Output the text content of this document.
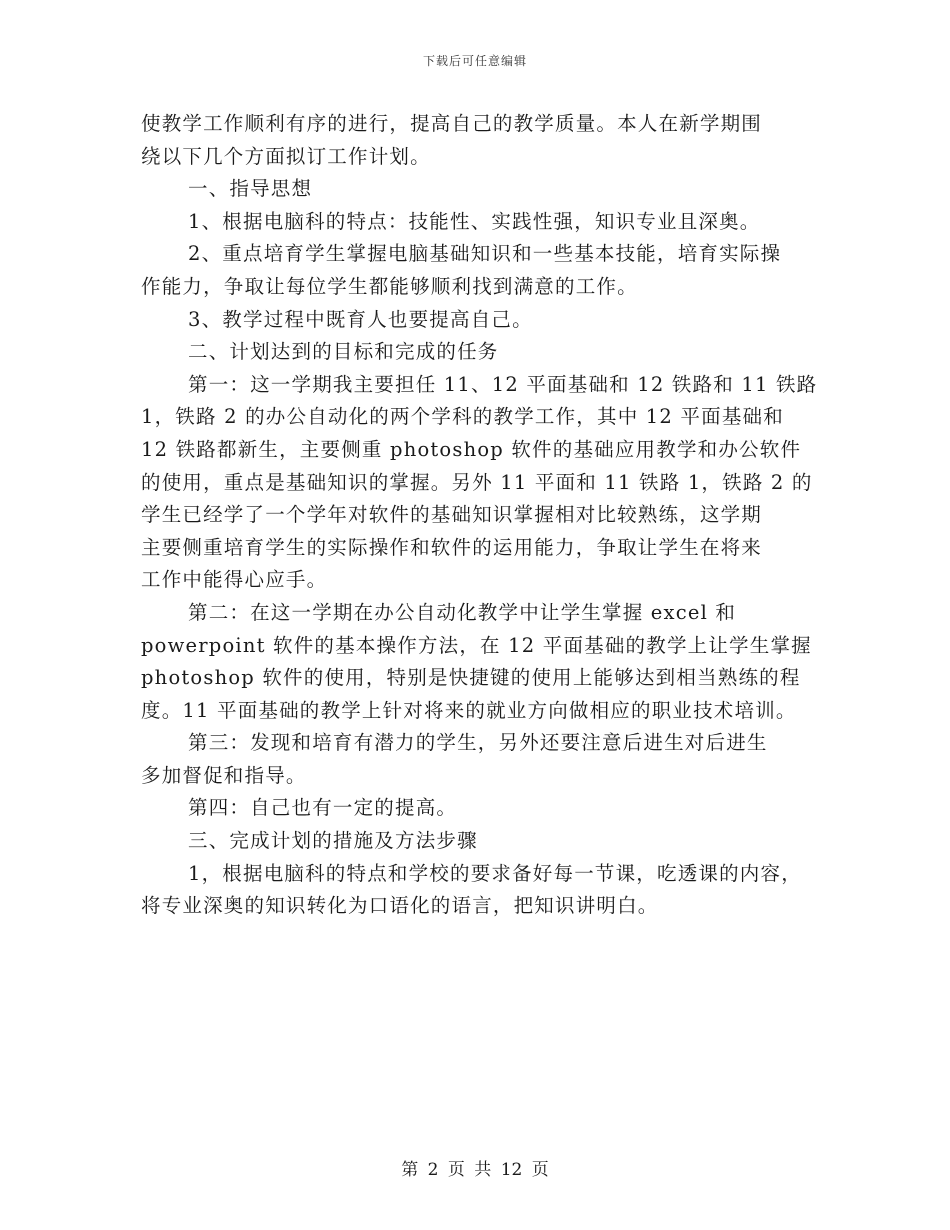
下载后可任意编辑
使教学工作顺利有序的进行，提高自己的教学质量。本人在新学期围
绕以下几个方面拟订工作计划。
一、指导思想
1、根据电脑科的特点：技能性、实践性强，知识专业且深奥。
2、重点培育学生掌握电脑基础知识和一些基本技能，培育实际操
作能力，争取让每位学生都能够顺利找到满意的工作。
3、教学过程中既育人也要提高自己。
二、计划达到的目标和完成的任务
第一：这一学期我主要担任 11、12 平面基础和 12 铁路和 11 铁路
1，铁路 2 的办公自动化的两个学科的教学工作，其中 12 平面基础和
12 铁路都新生，主要侧重 photoshop 软件的基础应用教学和办公软件
的使用，重点是基础知识的掌握。另外 11 平面和 11 铁路 1，铁路 2 的
学生已经学了一个学年对软件的基础知识掌握相对比较熟练，这学期
主要侧重培育学生的实际操作和软件的运用能力，争取让学生在将来
工作中能得心应手。
第二：在这一学期在办公自动化教学中让学生掌握 excel 和
powerpoint 软件的基本操作方法，在 12 平面基础的教学上让学生掌握
photoshop 软件的使用，特别是快捷键的使用上能够达到相当熟练的程
度。11 平面基础的教学上针对将来的就业方向做相应的职业技术培训。
第三：发现和培育有潜力的学生，另外还要注意后进生对后进生
多加督促和指导。
第四：自己也有一定的提高。
三、完成计划的措施及方法步骤
1，根据电脑科的特点和学校的要求备好每一节课，吃透课的内容，
将专业深奥的知识转化为口语化的语言，把知识讲明白。
第 2 页 共 12 页
